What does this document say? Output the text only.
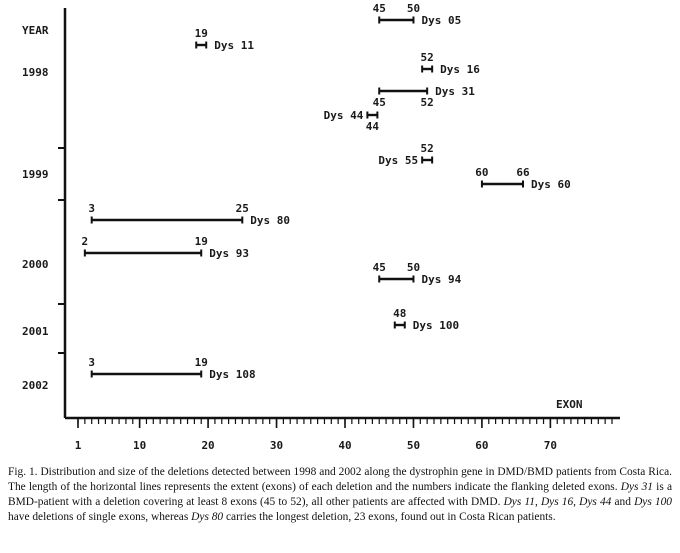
YEAR
EXON
1998
1999
2000
2001
2002
1	10	20	30	40	50	60	70
45 50
Dys 05
19
Dys 11
52
Dys 16
45	52
Dys 31
44
Dys 44
52
Dys 55
60	66
Dys 60
3	25
Dys 80
2	19
Dys 93
45 50
Dys 94
48
Dys 100
3	19
Dys 108
Fig. 1. Distribution and size of the deletions detected between 1998 and 2002 along the dystrophin gene in DMD/BMD patients from Costa Rica. The length of the horizontal lines represents the extent (exons) of each deletion and the numbers indicate the flanking deleted exons. Dys 31 is a BMD-patient with a deletion covering at least 8 exons (45 to 52), all other patients are affected with DMD. Dys 11, Dys 16, Dys 44 and Dys 100 have deletions of single exons, whereas Dys 80 carries the longest deletion, 23 exons, found out in Costa Rican patients.
